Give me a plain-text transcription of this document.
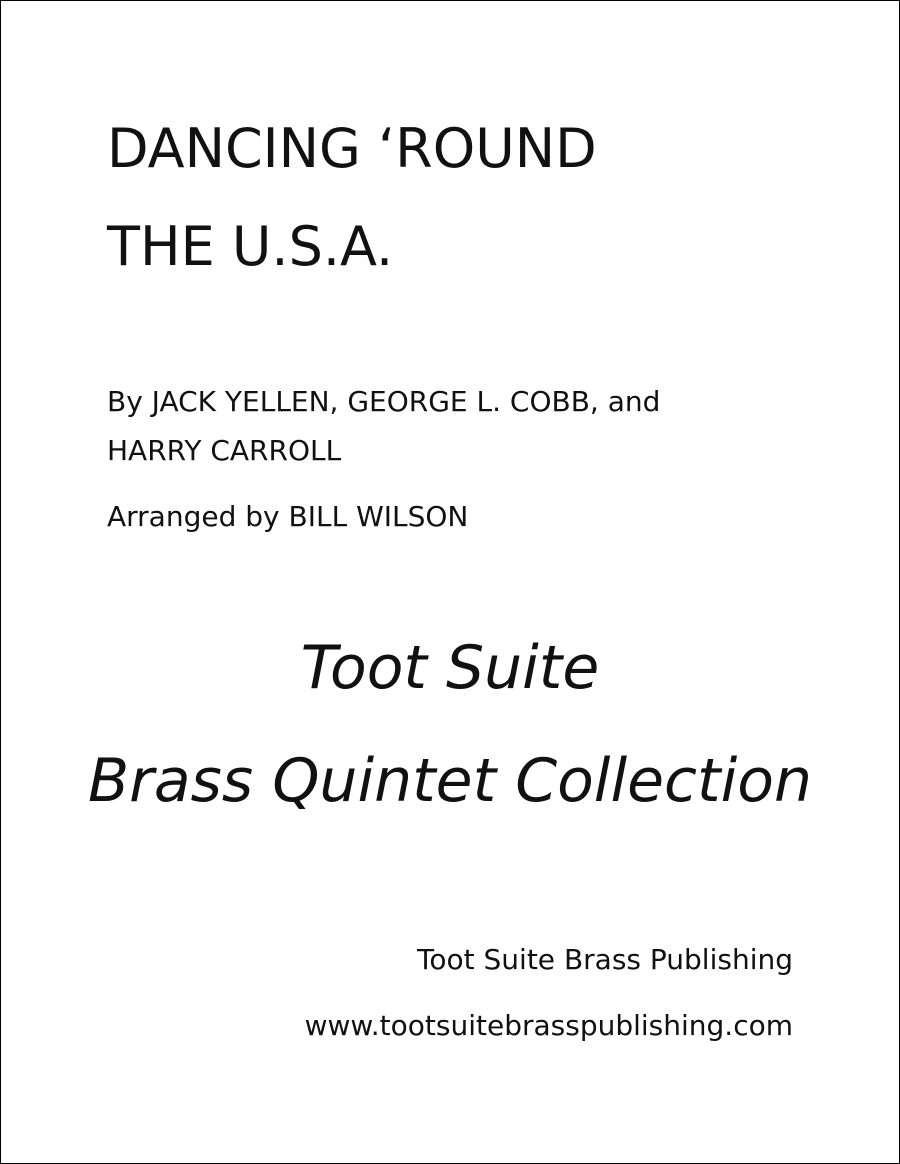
DANCING ‘ROUND
THE U.S.A.
By JACK YELLEN, GEORGE L. COBB, and
HARRY CARROLL
Arranged by BILL WILSON
Toot Suite
Brass Quintet Collection
Toot Suite Brass Publishing
www.tootsuitebrasspublishing.com
